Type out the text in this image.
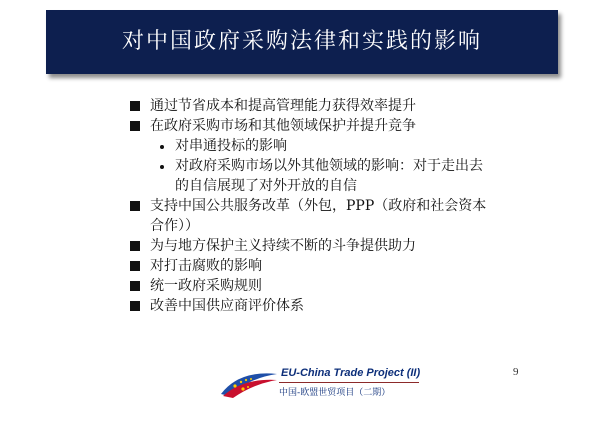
对中国政府采购法律和实践的影响
通过节省成本和提高管理能力获得效率提升
在政府采购市场和其他领域保护并提升竞争
对串通投标的影响
对政府采购市场以外其他领域的影响：对于走出去
的自信展现了对外开放的自信
支持中国公共服务改革（外包，PPP（政府和社会资本
合作））
为与地方保护主义持续不断的斗争提供助力
对打击腐败的影响
统一政府采购规则
改善中国供应商评价体系
9
EU-China Trade Project (II)
中国-欧盟世贸项目（二期）
